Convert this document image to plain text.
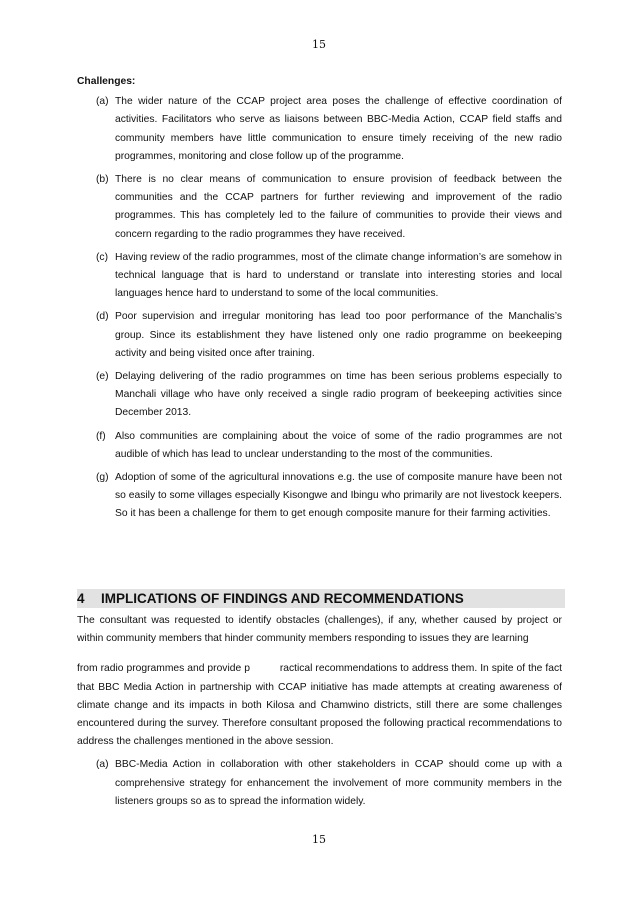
15
Challenges:
(a) The wider nature of the CCAP project area poses the challenge of effective coordination of activities. Facilitators who serve as liaisons between BBC-Media Action, CCAP field staffs and community members have little communication to ensure timely receiving of the new radio programmes, monitoring and close follow up of the programme.
(b) There is no clear means of communication to ensure provision of feedback between the communities and the CCAP partners for further reviewing and improvement of the radio programmes. This has completely led to the failure of communities to provide their views and concern regarding to the radio programmes they have received.
(c) Having review of the radio programmes, most of the climate change information’s are somehow in technical language that is hard to understand or translate into interesting stories and local languages hence hard to understand to some of the local communities.
(d) Poor supervision and irregular monitoring has lead too poor performance of the Manchalis’s group. Since its establishment they have listened only one radio programme on beekeeping activity and being visited once after training.
(e) Delaying delivering of the radio programmes on time has been serious problems especially to Manchali village who have only received a single radio program of beekeeping activities since December 2013.
(f) Also communities are complaining about the voice of some of the radio programmes are not audible of which has lead to unclear understanding to the most of the communities.
(g) Adoption of some of the agricultural innovations e.g. the use of composite manure have been not so easily to some villages especially Kisongwe and Ibingu who primarily are not livestock keepers. So it has been a challenge for them to get enough composite manure for their farming activities.
4 IMPLICATIONS OF FINDINGS AND RECOMMENDATIONS

The consultant was requested to identify obstacles (challenges), if any, whether caused by project or within community members that hinder community members responding to issues they are learning

from radio programmes and provide p          ractical recommendations to address them. In spite of the fact that BBC Media Action in partnership with CCAP initiative has made attempts at creating awareness of climate change and its impacts in both Kilosa and Chamwino districts, still there are some challenges encountered during the survey. Therefore consultant proposed the following practical recommendations to address the challenges mentioned in the above session.

(a) BBC-Media Action in collaboration with other stakeholders in CCAP should come up with a comprehensive strategy for enhancement the involvement of more community members in the listeners groups so as to spread the information widely.
15
